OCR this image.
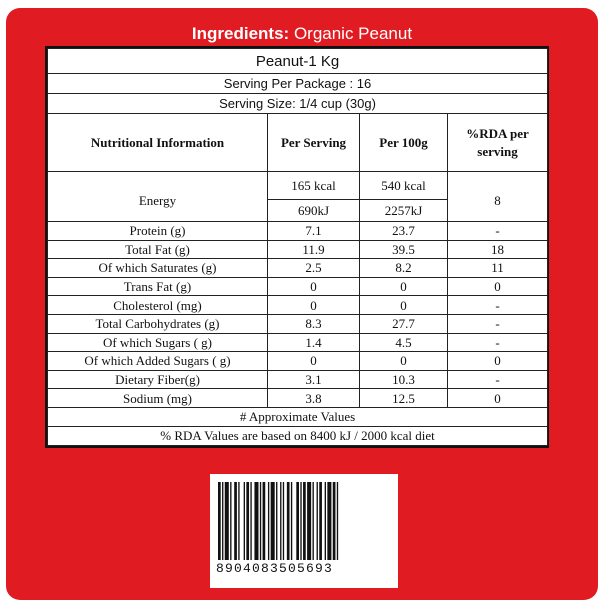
Ingredients: Organic Peanut
Peanut-1 Kg			
Serving Per Package : 16			
Serving Size: 1/4 cup (30g)			
Nutritional Information	Per Serving	Per 100g	%RDA per serving
Energy	165 kcal	540 kcal	8
	690kJ	2257kJ	
Protein (g)	7.1	23.7	-
Total Fat (g)	11.9	39.5	18
Of which Saturates (g)	2.5	8.2	11
Trans Fat (g)	0	0	0
Cholesterol (mg)	0	0	-
Total Carbohydrates (g)	8.3	27.7	-
Of which Sugars ( g)	1.4	4.5	-
Of which Added Sugars ( g)	0	0	0
Dietary Fiber(g)	3.1	10.3	-
Sodium (mg)	3.8	12.5	0
# Approximate Values			
% RDA Values are based on 8400 kJ / 2000 kcal diet			
8904083505693
